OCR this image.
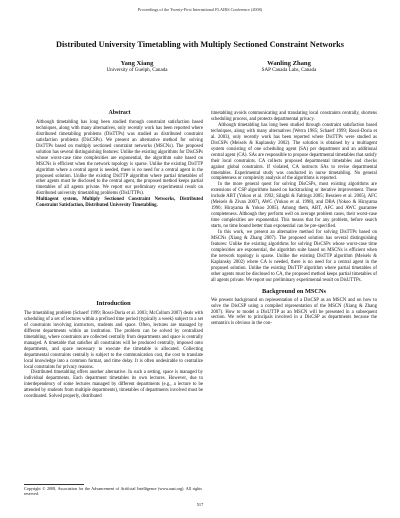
Proceedings of the Twenty-First International FLAIRS Conference (2008)
Distributed University Timetabling with Multiply Sectioned Constraint Networks
Yang Xiang
University of Guelph, Canada
Wanling Zhang
SAP Canada Labs, Canada
Abstract

Although timetabling has long been studied through constraint satisfaction based techniques, along with many alternatives, only recently work has been reported where distributed timetabling problems (DisTTPs) was studied as distributed constraint satisfaction problems (DisCSPs). We present an alternative method for solving DisTTPs based on multiply sectioned constraint networks (MSCNs). The proposed solution has several distinguishing features: Unlike the existing algorithms for DisCSPs whose worst-case time complexities are exponential, the algorithm suite based on MSCNs is efficient when the network topology is sparse. Unlike the existing DisTTP algorithm where a central agent is needed, there is no need for a central agent in the proposed solution. Unlike the existing DisTTP algorithm where partial timetables of other agents must be disclosed to the central agent, the proposed method keeps partial timetables of all agents private. We report our preliminary experimental result on distributed university timetabling problems (DisUTTPs).

Multiagent system, Multiply Sectioned Constraint Networks, Distributed Constraint Satisfaction, Distributed University Timetabling.

Introduction

The timetabling problem (Schaerf 1999; Rossi-Doria et al. 2003; McCollum 2007) deals with scheduling of a set of lectures within a prefixed time period (typically a week) subject to a set of constraints involving instructors, students and space. Often, lectures are managed by different departments within an institution. The problem can be solved by centralized timetabling, where constraints are collected centrally from departments and space is centrally managed. A timetable that satisfies all constraints will be produced centrally, imposed onto departments, and space necessary to execute the timetable is allocated. Collecting departmental constraints centrally is subject to the communication cost, the cost to translate local knowledge into a common format, and time delay. It is often undesirable to centralize local constraints for privacy reasons.

Distributed timetabling offers another alternative. In such a setting, space is managed by individual departments. Each department timetables its own lectures. However, due to interdependency of some lectures managed by different departments (e.g., a lecture to be attended by students from multiple departments), timetables of departments involved must be coordinated. Solved properly, distributed

timetabling avoids communicating and translating local constraints centrally, shortens scheduling process, and protects departmental privacy.

Although timetabling has long been studied through constraint satisfaction based techniques, along with many alternatives (Werra 1985; Schaerf 1999; Rossi-Doria et al. 2003), only recently work has been reported where DisTTPs were studied as DisCSPs (Meisels & Kaplansky 2002). The solution is obtained by a multiagent system consisting of one scheduling agent (SA) per department and an additional central agent (CA). SAs are responsible to propose departmental timetables that satisfy their local constraints. CA collects proposed departmental timetables and checks against global constraints. If violated, CA instructs SAs to revise departmental timetables. Experimental study was conducted in nurse timetabling. No general completeness or complexity analysis of the algorithms is reported.

In the more general quest for solving DisCSPs, most existing algorithms are extensions of CSP algorithms based on backtracking or iterative improvement. These include ABT (Yokoo et al. 1992; Silaghi & Faltings 2005; Bessiere et al. 2005), AFC (Meisels & Zivan 2007), AWC (Yokoo et al. 1998), and DBA (Yokoo & Hirayama 1996; Hirayama & Yokoo 2005). Among them, ABT, AFC and AWC guarantee completeness. Although they perform well on average problem cases, their worst-case time complexities are exponential. This means that for any problem, before search starts, no time bound better than exponential can be pre-specified.

In this work, we present an alternative method for solving DisTTPs based on MSCNs (Xiang & Zhang 2007). The proposed solution has several distinguishing features: Unlike the existing algorithms for solving DisCSPs whose worst-case time complexities are exponential, the algorithm suite based on MSCNs is efficient when the network topology is sparse. Unlike the existing DisTTP algorithm (Meisels & Kaplansky 2002) where CA is needed, there is no need for a central agent in the proposed solution. Unlike the existing DisTTP algorithm where partial timetables of other agents must be disclosed to CA, the proposed method keeps partial timetables of all agents private. We report our preliminary experimental result on DisUTTPs.

Background on MSCNs

We present background on representation of a DisCSP as an MSCN and on how to solve the DisCSP using a compiled representation of the MSCN (Xiang & Zhang 2007). How to model a DisUTTP as an MSCN will be presented in a subsequent section. We refer to principals involved in a DisCSP as departments because the semantics is obvious in the con-

Copyright © 2008, Association for the Advancement of Artificial Intelligence (www.aaai.org). All rights reserved.
517
